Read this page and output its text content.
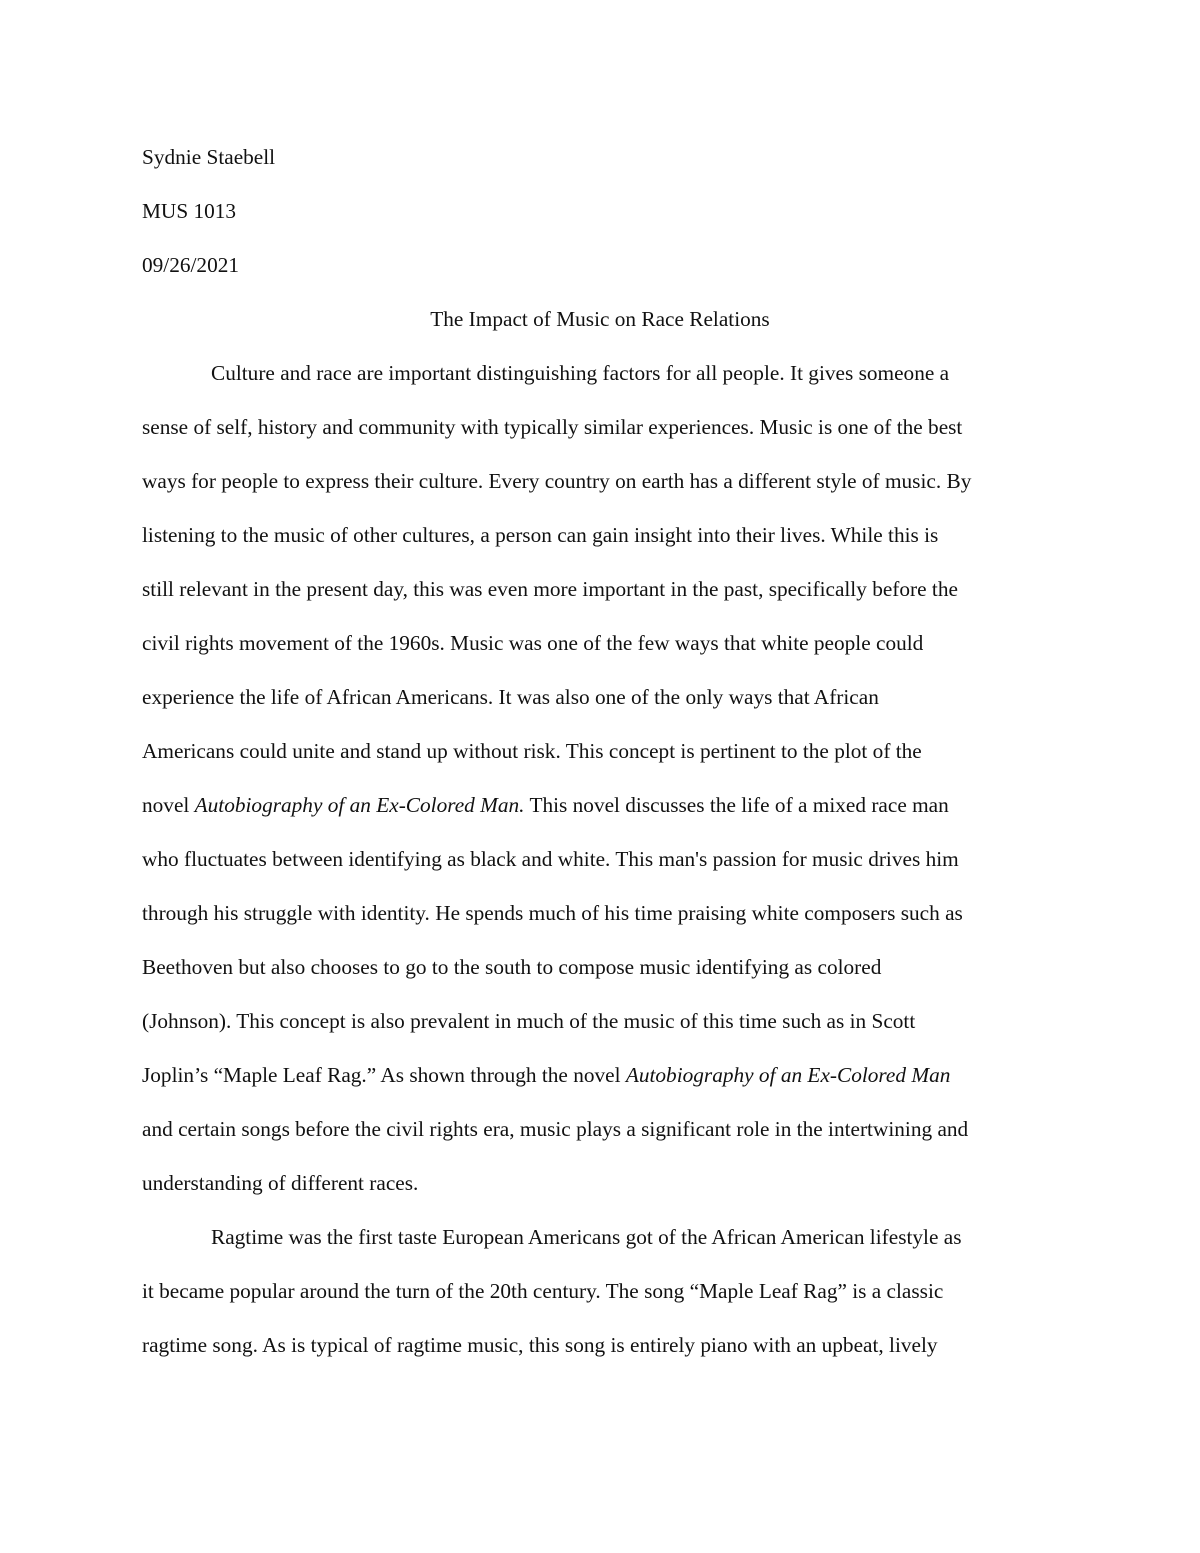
Sydnie Staebell
MUS 1013
09/26/2021
The Impact of Music on Race Relations
Culture and race are important distinguishing factors for all people. It gives someone a
sense of self, history and community with typically similar experiences. Music is one of the best
ways for people to express their culture. Every country on earth has a different style of music. By
listening to the music of other cultures, a person can gain insight into their lives. While this is
still relevant in the present day, this was even more important in the past, specifically before the
civil rights movement of the 1960s. Music was one of the few ways that white people could
experience the life of African Americans. It was also one of the only ways that African
Americans could unite and stand up without risk. This concept is pertinent to the plot of the
novel Autobiography of an Ex-Colored Man. This novel discusses the life of a mixed race man
who fluctuates between identifying as black and white. This man's passion for music drives him
through his struggle with identity. He spends much of his time praising white composers such as
Beethoven but also chooses to go to the south to compose music identifying as colored
(Johnson). This concept is also prevalent in much of the music of this time such as in Scott
Joplin’s “Maple Leaf Rag.” As shown through the novel Autobiography of an Ex-Colored Man
and certain songs before the civil rights era, music plays a significant role in the intertwining and
understanding of different races.
Ragtime was the first taste European Americans got of the African American lifestyle as
it became popular around the turn of the 20th century. The song “Maple Leaf Rag” is a classic
ragtime song. As is typical of ragtime music, this song is entirely piano with an upbeat, lively
